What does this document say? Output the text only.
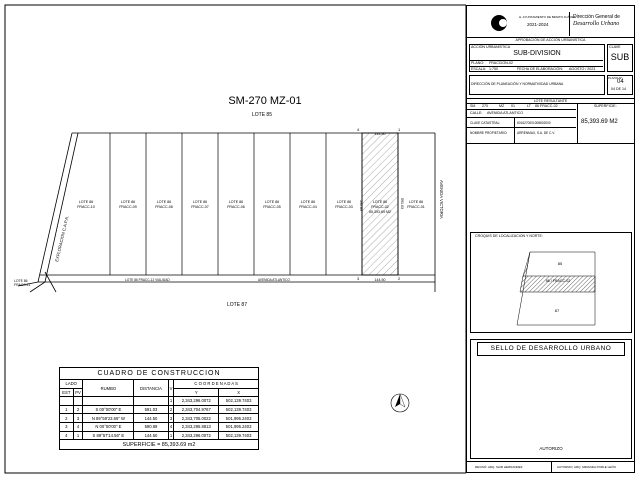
SM-270 MZ-01
LOTE 85
LOTE 87
LOTE 86
FRACC-10
LOTE 86
FRACC-09
LOTE 86
FRACC-08
LOTE 86
FRACC-07
LOTE 86
FRACC-06
LOTE 86
FRACC-05
LOTE 86
FRACC-04
LOTE 86
FRACC-03
LOTE 86
FRACC-02
85,393.69 M2
LOTE 86
FRACC-01
EXPLORACION C.A.P.A.
AVENIDA VICTORIA
LOTE 86 FRACC-12 VIALIDAD	AVENIDA ATLANTICO
LOTE 86
FRACC-11
144.50
144.50
590.89	591.03
4	1
3	2
CUADRO DE CONSTRUCCION						
LADO		RUMBO	DISTANCIA	V	C O O R D E N A D A S	
EST	PV				Y	X
				1	2,343,296.0072	502,139.7403
1	2	S 00°00'00" E	591.03	2	2,343,704.9767	502,139.7403
2	3	N 89°59'23.66" W	144.50	3	2,343,705.0022	501,995.2403
3	4	N 00°00'00" E	590.89	4	2,343,295.8813	501,995.2403
4	1	S 89°57'14.56" E	144.50	1	2,343,296.0072	502,139.7403
SUPERFICIE = 85,393.69 m2						
H. AYUNTAMIENTO DE BENITO JUÁREZ
2021-2024
Dirección General de
Desarrollo Urbano
APROBACIÓN DE ACCIÓN URBANÍSTICA
ACCIÓN URBANÍSTICA
SUB-DIVISION
CLAVE
SUB
PLANO: FRACCION-02
ESCALA: 1:750	FECHA DE ELABORACIÓN: AGOSTO / 2023
DIRECCIÓN DE PLANEACIÓN Y NORMATIVIDAD URBANA
PLANO N°
04
04 DE 14
LOTE RESULTANTE
SM 270	MZ 01	LT 86 FRACC-02	SUPERFICIE:
85,393.69 M2
CALLE: AVENIDA ATLANTICO
CLAVE CATASTRAL:	6016270001008802000
NOMBRE PROPIETARIO:	ARRENMAX, S.A. DE C.V.
CROQUIS DE LOCALIZACION Y NORTE:
85
86 / FRACC-02
87
SELLO DE DESARROLLO URBANO
AUTORIZO
REVISÓ: ARQ. SAIR HERNANDEZ	AUTORIZO: ARQ. MIRANDA PORLE LEÓN
